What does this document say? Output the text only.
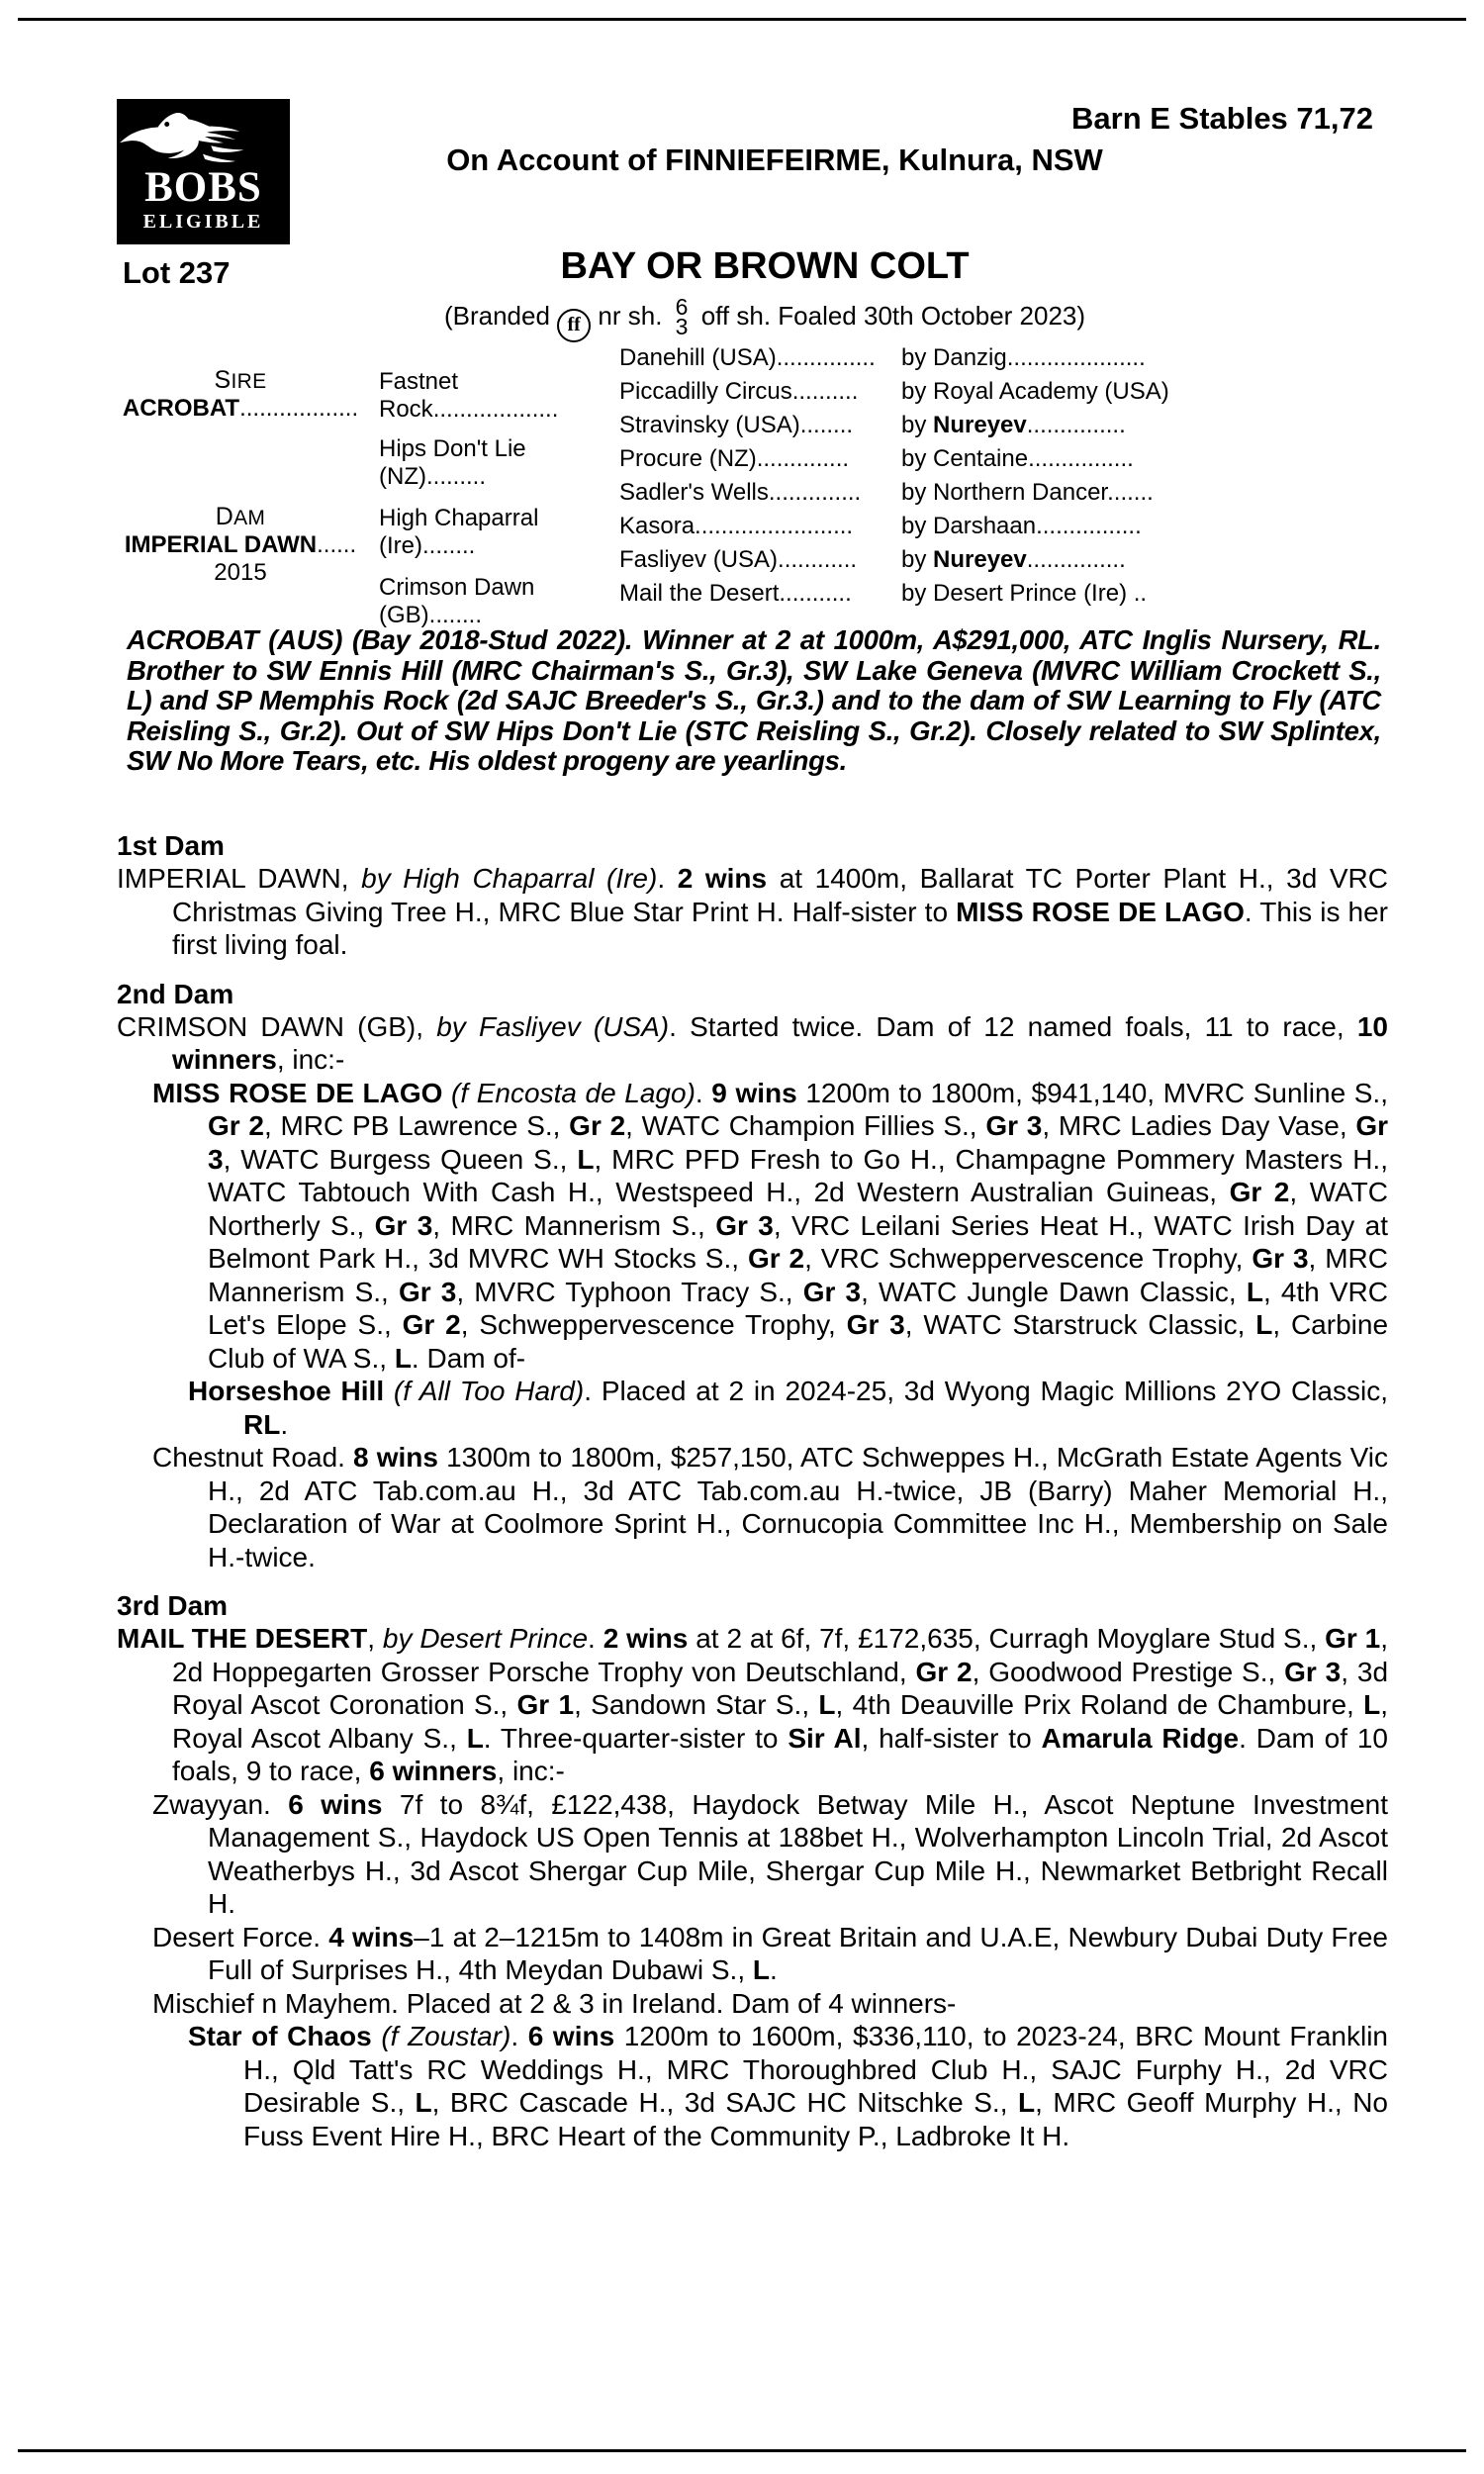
BOBS
ELIGIBLE
Barn E Stables 71,72
On Account of FINNIEFEIRME, Kulnura, NSW
Lot 237	BAY OR BROWN COLT
(Branded ff nr sh. 6
3 off sh. Foaled 30th October 2023)
SIRE
ACROBAT..................
DAM
IMPERIAL DAWN......
2015
Fastnet Rock...................
Hips Don't Lie (NZ).........
High Chaparral (Ire)........
Crimson Dawn (GB)........
Danehill (USA)...............	by Danzig.....................
Piccadilly Circus..........	by Royal Academy (USA)
Stravinsky (USA)........	by Nureyev...............
Procure (NZ)..............	by Centaine................
Sadler's Wells..............	by Northern Dancer.......
Kasora........................	by Darshaan................
Fasliyev (USA)............	by Nureyev...............
Mail the Desert...........	by Desert Prince (Ire) ..
ACROBAT (AUS) (Bay 2018-Stud 2022). Winner at 2 at 1000m, A$291,000, ATC Inglis Nursery, RL. Brother to SW Ennis Hill (MRC Chairman's S., Gr.3), SW Lake Geneva (MVRC William Crockett S., L) and SP Memphis Rock (2d SAJC Breeder's S., Gr.3.) and to the dam of SW Learning to Fly (ATC Reisling S., Gr.2). Out of SW Hips Don't Lie (STC Reisling S., Gr.2). Closely related to SW Splintex, SW No More Tears, etc. His oldest progeny are yearlings.
1st Dam

IMPERIAL DAWN, by High Chaparral (Ire). 2 wins at 1400m, Ballarat TC Porter Plant H., 3d VRC Christmas Giving Tree H., MRC Blue Star Print H. Half-sister to MISS ROSE DE LAGO. This is her first living foal.

2nd Dam

CRIMSON DAWN (GB), by Fasliyev (USA). Started twice. Dam of 12 named foals, 11 to race, 10 winners, inc:-

MISS ROSE DE LAGO (f Encosta de Lago). 9 wins 1200m to 1800m, $941,140, MVRC Sunline S., Gr 2, MRC PB Lawrence S., Gr 2, WATC Champion Fillies S., Gr 3, MRC Ladies Day Vase, Gr 3, WATC Burgess Queen S., L, MRC PFD Fresh to Go H., Champagne Pommery Masters H., WATC Tabtouch With Cash H., Westspeed H., 2d Western Australian Guineas, Gr 2, WATC Northerly S., Gr 3, MRC Mannerism S., Gr 3, VRC Leilani Series Heat H., WATC Irish Day at Belmont Park H., 3d MVRC WH Stocks S., Gr 2, VRC Schweppervescence Trophy, Gr 3, MRC Mannerism S., Gr 3, MVRC Typhoon Tracy S., Gr 3, WATC Jungle Dawn Classic, L, 4th VRC Let's Elope S., Gr 2, Schweppervescence Trophy, Gr 3, WATC Starstruck Classic, L, Carbine Club of WA S., L. Dam of-

Horseshoe Hill (f All Too Hard). Placed at 2 in 2024-25, 3d Wyong Magic Millions 2YO Classic, RL.

Chestnut Road. 8 wins 1300m to 1800m, $257,150, ATC Schweppes H., McGrath Estate Agents Vic H., 2d ATC Tab.com.au H., 3d ATC Tab.com.au H.-twice, JB (Barry) Maher Memorial H., Declaration of War at Coolmore Sprint H., Cornucopia Committee Inc H., Membership on Sale H.-twice.

3rd Dam

MAIL THE DESERT, by Desert Prince. 2 wins at 2 at 6f, 7f, £172,635, Curragh Moyglare Stud S., Gr 1, 2d Hoppegarten Grosser Porsche Trophy von Deutschland, Gr 2, Goodwood Prestige S., Gr 3, 3d Royal Ascot Coronation S., Gr 1, Sandown Star S., L, 4th Deauville Prix Roland de Chambure, L, Royal Ascot Albany S., L. Three-quarter-sister to Sir Al, half-sister to Amarula Ridge. Dam of 10 foals, 9 to race, 6 winners, inc:-

Zwayyan. 6 wins 7f to 8¾f, £122,438, Haydock Betway Mile H., Ascot Neptune Investment Management S., Haydock US Open Tennis at 188bet H., Wolverhampton Lincoln Trial, 2d Ascot Weatherbys H., 3d Ascot Shergar Cup Mile, Shergar Cup Mile H., Newmarket Betbright Recall H.

Desert Force. 4 wins–1 at 2–1215m to 1408m in Great Britain and U.A.E, Newbury Dubai Duty Free Full of Surprises H., 4th Meydan Dubawi S., L.

Mischief n Mayhem. Placed at 2 & 3 in Ireland. Dam of 4 winners-

Star of Chaos (f Zoustar). 6 wins 1200m to 1600m, $336,110, to 2023-24, BRC Mount Franklin H., Qld Tatt's RC Weddings H., MRC Thoroughbred Club H., SAJC Furphy H., 2d VRC Desirable S., L, BRC Cascade H., 3d SAJC HC Nitschke S., L, MRC Geoff Murphy H., No Fuss Event Hire H., BRC Heart of the Community P., Ladbroke It H.
